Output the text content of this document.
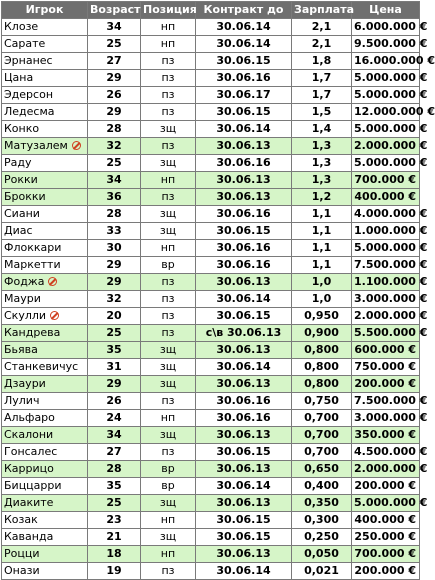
Игрок	Возраст	Позиция	Контракт до	Зарплата	Цена
Клозе	34	нп	30.06.14	2,1	6.000.000 €
Сарате	25	нп	30.06.14	2,1	9.500.000 €
Эрнанес	27	пз	30.06.15	1,8	16.000.000 €
Цана	29	пз	30.06.16	1,7	5.000.000 €
Эдерсон	26	пз	30.06.17	1,7	5.000.000 €
Ледесма	29	пз	30.06.15	1,5	12.000.000 €
Конко	28	зщ	30.06.14	1,4	5.000.000 €
Матузалем	32	пз	30.06.13	1,3	2.000.000 €
Раду	25	зщ	30.06.16	1,3	5.000.000 €
Рокки	34	нп	30.06.13	1,3	700.000 €
Брокки	36	пз	30.06.13	1,2	400.000 €
Сиани	28	зщ	30.06.16	1,1	4.000.000 €
Диас	33	зщ	30.06.15	1,1	1.000.000 €
Флоккари	30	нп	30.06.16	1,1	5.000.000 €
Маркетти	29	вр	30.06.16	1,1	7.500.000 €
Фоджа	29	пз	30.06.13	1,0	1.100.000 €
Маури	32	пз	30.06.14	1,0	3.000.000 €
Скулли	20	пз	30.06.15	0,950	2.000.000 €
Кандрева	25	пз	с\в 30.06.13	0,900	5.500.000 €
Бьява	35	зщ	30.06.13	0,800	600.000 €
Станкевичус	31	зщ	30.06.14	0,800	750.000 €
Дзаури	29	зщ	30.06.13	0,800	200.000 €
Лулич	26	пз	30.06.16	0,750	7.500.000 €
Альфаро	24	нп	30.06.16	0,700	3.000.000 €
Скалони	34	зщ	30.06.13	0,700	350.000 €
Гонсалес	27	пз	30.06.15	0,700	4.500.000 €
Каррицо	28	вр	30.06.13	0,650	2.000.000 €
Биццарри	35	вр	30.06.14	0,400	200.000 €
Диаките	25	зщ	30.06.13	0,350	5.000.000 €
Козак	23	нп	30.06.15	0,300	400.000 €
Каванда	21	зщ	30.06.15	0,250	250.000 €
Роцци	18	нп	30.06.13	0,050	700.000 €
Онази	19	пз	30.06.14	0,021	200.000 €
